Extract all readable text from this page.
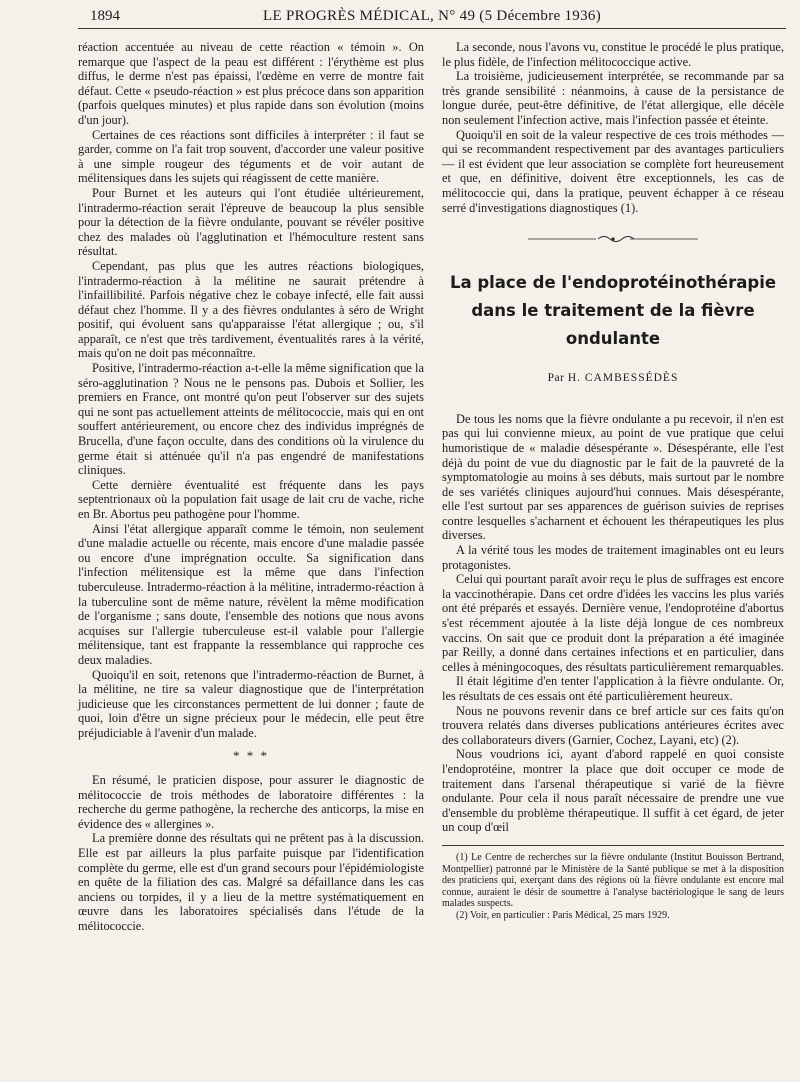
1894	LE PROGRÈS MÉDICAL, N° 49 (5 Décembre 1936)

réaction accentuée au niveau de cette réaction « témoin ». On remarque que l'aspect de la peau est différent : l'érythème est plus diffus, le derme n'est pas épaissi, l'œdème en verre de montre fait défaut. Cette « pseudo-réaction » est plus précoce dans son apparition (parfois quelques minutes) et plus rapide dans son évolution (moins d'un jour).

Certaines de ces réactions sont difficiles à interpréter : il faut se garder, comme on l'a fait trop souvent, d'accorder une valeur positive à une simple rougeur des téguments et de voir autant de mélitensiques dans les sujets qui réagissent de cette manière.

Pour Burnet et les auteurs qui l'ont étudiée ultérieurement, l'intradermo-réaction serait l'épreuve de beaucoup la plus sensible pour la détection de la fièvre ondulante, pouvant se révéler positive chez des malades où l'agglutination et l'hémoculture restent sans résultat.

Cependant, pas plus que les autres réactions biologiques, l'intradermo-réaction à la mélitine ne saurait prétendre à l'infaillibilité. Parfois négative chez le cobaye infecté, elle fait aussi défaut chez l'homme. Il y a des fièvres ondulantes à séro de Wright positif, qui évoluent sans qu'apparaisse l'état allergique ; ou, s'il apparaît, ce n'est que très tardivement, éventualités rares à la vérité, mais qu'on ne doit pas méconnaître.

Positive, l'intradermo-réaction a-t-elle la même signification que la séro-agglutination ? Nous ne le pensons pas. Dubois et Sollier, les premiers en France, ont montré qu'on peut l'observer sur des sujets qui ne sont pas actuellement atteints de mélitococcie, mais qui en ont souffert antérieurement, ou encore chez des individus imprégnés de Brucella, d'une façon occulte, dans des conditions où la virulence du germe était si atténuée qu'il n'a pas engendré de manifestations cliniques.

Cette dernière éventualité est fréquente dans les pays septentrionaux où la population fait usage de lait cru de vache, riche en Br. Abortus peu pathogène pour l'homme.

Ainsi l'état allergique apparaît comme le témoin, non seulement d'une maladie actuelle ou récente, mais encore d'une maladie passée ou encore d'une imprégnation occulte. Sa signification dans l'infection mélitensique est la même que dans l'infection tuberculeuse. Intradermo-réaction à la mélitine, intradermo-réaction à la tuberculine sont de même nature, révèlent la même modification de l'organisme ; sans doute, l'ensemble des notions que nous avons acquises sur l'allergie tuberculeuse est-il valable pour l'allergie mélitensique, tant est frappante la ressemblance qui rapproche ces deux maladies.

Quoiqu'il en soit, retenons que l'intradermo-réaction de Burnet, à la mélitine, ne tire sa valeur diagnostique que de l'interprétation judicieuse que les circonstances permettent de lui donner ; faute de quoi, loin d'être un signe précieux pour le médecin, elle peut être préjudiciable à l'avenir d'un malade.

* * *

En résumé, le praticien dispose, pour assurer le diagnostic de mélitococcie de trois méthodes de laboratoire différentes : la recherche du germe pathogène, la recherche des anticorps, la mise en évidence des « allergines ».

La première donne des résultats qui ne prêtent pas à la discussion. Elle est par ailleurs la plus parfaite puisque par l'identification complète du germe, elle est d'un grand secours pour l'épidémiologiste en quête de la filiation des cas. Malgré sa défaillance dans les cas anciens ou torpides, il y a lieu de la mettre systématiquement en œuvre dans les laboratoires spécialisés dans l'étude de la mélitococcie.

La seconde, nous l'avons vu, constitue le procédé le plus pratique, le plus fidèle, de l'infection mélitococcique active.

La troisième, judicieusement interprétée, se recommande par sa très grande sensibilité : néanmoins, à cause de la persistance de longue durée, peut-être définitive, de l'état allergique, elle décèle non seulement l'infection active, mais l'infection passée et éteinte.

Quoiqu'il en soit de la valeur respective de ces trois méthodes — qui se recommandent respectivement par des avantages particuliers — il est évident que leur association se complète fort heureusement et que, en définitive, doivent être exceptionnels, les cas de mélitococcie qui, dans la pratique, peuvent échapper à ce réseau serré d'investigations diagnostiques (1).

La place de l'endoprotéinothérapie
dans le traitement de la fièvre ondulante
Par H. CAMBESSÉDÈS

De tous les noms que la fièvre ondulante a pu recevoir, il n'en est pas qui lui convienne mieux, au point de vue pratique que celui humoristique de « maladie désespérante ». Désespérante, elle l'est déjà du point de vue du diagnostic par le fait de la pauvreté de la symptomatologie au moins à ses débuts, mais surtout par le nombre de ses variétés cliniques aujourd'hui connues. Mais désespérante, elle l'est surtout par ses apparences de guérison suivies de reprises contre lesquelles s'acharnent et échouent les thérapeutiques les plus diverses.

A la vérité tous les modes de traitement imaginables ont eu leurs protagonistes.

Celui qui pourtant paraît avoir reçu le plus de suffrages est encore la vaccinothérapie. Dans cet ordre d'idées les vaccins les plus variés ont été préparés et essayés. Dernière venue, l'endoprotéine d'abortus s'est récemment ajoutée à la liste déjà longue de ces nombreux vaccins. On sait que ce produit dont la préparation a été imaginée par Reilly, a donné dans certaines infections et en particulier, dans celles à méningocoques, des résultats particulièrement remarquables.

Il était légitime d'en tenter l'application à la fièvre ondulante. Or, les résultats de ces essais ont été particulièrement heureux.

Nous ne pouvons revenir dans ce bref article sur ces faits qu'on trouvera relatés dans diverses publications antérieures écrites avec des collaborateurs divers (Garnier, Cochez, Layani, etc) (2).

Nous voudrions ici, ayant d'abord rappelé en quoi consiste l'endoprotéine, montrer la place que doit occuper ce mode de traitement dans l'arsenal thérapeutique si varié de la fièvre ondulante. Pour cela il nous paraît nécessaire de prendre une vue d'ensemble du problème thérapeutique. Il suffit à cet égard, de jeter un coup d'œil

(1) Le Centre de recherches sur la fièvre ondulante (Institut Bouisson Bertrand, Montpellier) patronné par le Ministère de la Santé publique se met à la disposition des praticiens qui, exerçant dans des régions où la fièvre ondulante est encore mal connue, auraient le désir de soumettre à l'analyse bactériologique le sang de leurs malades suspects.

(2) Voir, en particulier : Paris Médical, 25 mars 1929.
